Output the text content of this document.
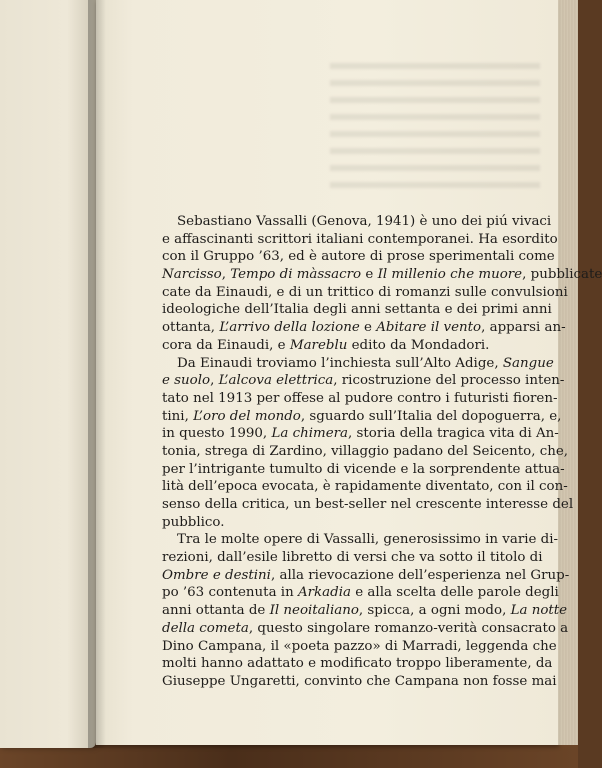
Sebastiano Vassalli (Genova, 1941) è uno dei piú vivaci
e affascinanti scrittori italiani contemporanei. Ha esordito
con il Gruppo ’63, ed è autore di prose sperimentali come
Narcisso, Tempo di màssacro e Il millenio che muore, pubblicate
cate da Einaudi, e di un trittico di romanzi sulle convulsioni
ideologiche dell’Italia degli anni settanta e dei primi anni
ottanta, L’arrivo della lozione e Abitare il vento, apparsi an-
cora da Einaudi, e Mareblu edito da Mondadori.
Da Einaudi troviamo l’inchiesta sull’Alto Adige, Sangue
e suolo, L’alcova elettrica, ricostruzione del processo inten-
tato nel 1913 per offese al pudore contro i futuristi fioren-
tini, L’oro del mondo, sguardo sull’Italia del dopoguerra, e,
in questo 1990, La chimera, storia della tragica vita di An-
tonia, strega di Zardino, villaggio padano del Seicento, che,
per l’intrigante tumulto di vicende e la sorprendente attua-
lità dell’epoca evocata, è rapidamente diventato, con il con-
senso della critica, un best-seller nel crescente interesse del
pubblico.
Tra le molte opere di Vassalli, generosissimo in varie di-
rezioni, dall’esile libretto di versi che va sotto il titolo di
Ombre e destini, alla rievocazione dell’esperienza nel Grup-
po ’63 contenuta in Arkadia e alla scelta delle parole degli
anni ottanta de Il neoitaliano, spicca, a ogni modo, La notte
della cometa, questo singolare romanzo-verità consacrato a
Dino Campana, il «poeta pazzo» di Marradi, leggenda che
molti hanno adattato e modificato troppo liberamente, da
Giuseppe Ungaretti, convinto che Campana non fosse mai
